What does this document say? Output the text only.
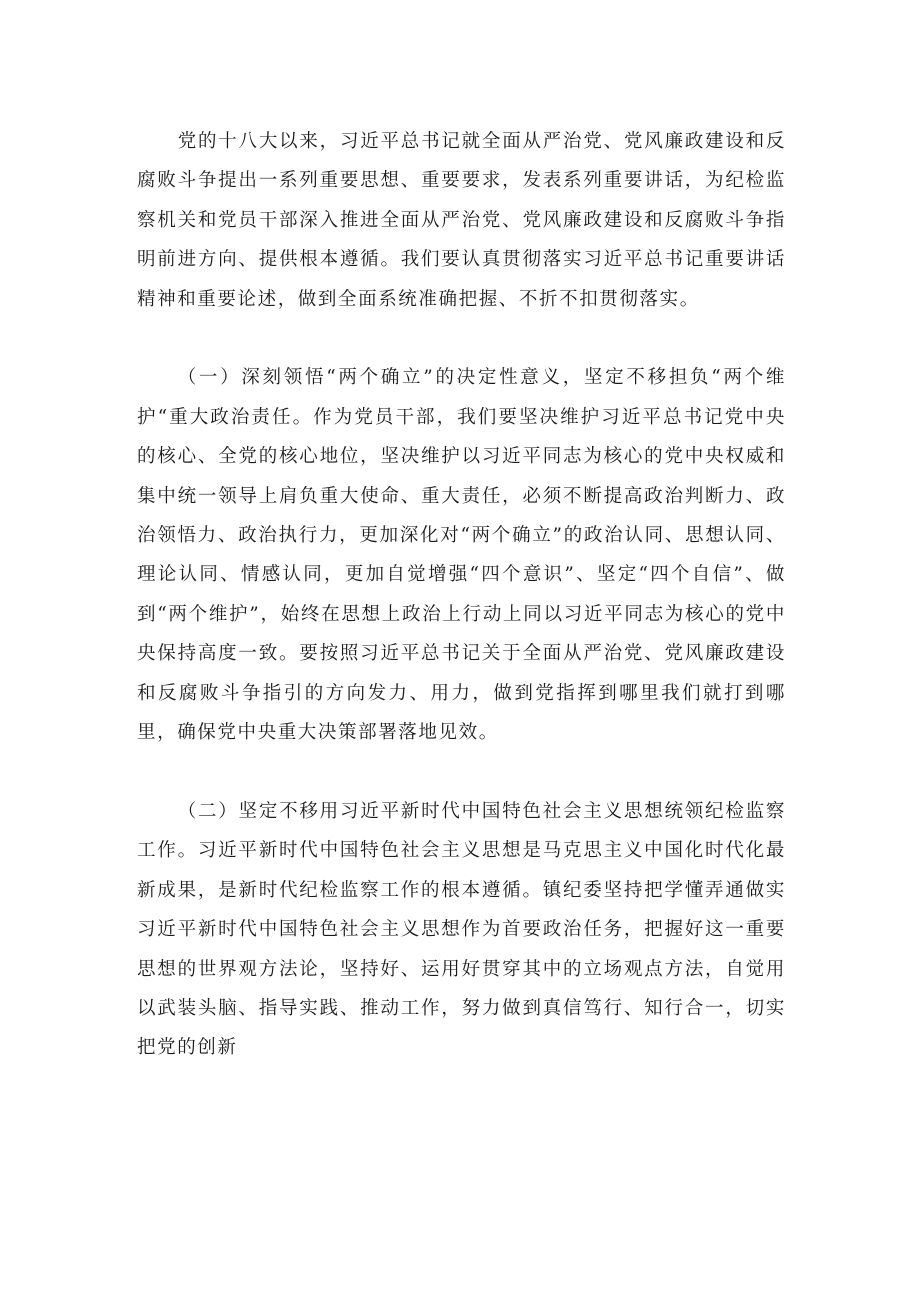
党的十八大以来，习近平总书记就全面从严治党、党风廉政建设和反腐败斗争提出一系列重要思想、重要要求，发表系列重要讲话，为纪检监察机关和党员干部深入推进全面从严治党、党风廉政建设和反腐败斗争指明前进方向、提供根本遵循。我们要认真贯彻落实习近平总书记重要讲话精神和重要论述，做到全面系统准确把握、不折不扣贯彻落实。

（一）深刻领悟“两个确立”的决定性意义，坚定不移担负“两个维护“重大政治责任。作为党员干部，我们要坚决维护习近平总书记党中央的核心、全党的核心地位，坚决维护以习近平同志为核心的党中央权威和集中统一领导上肩负重大使命、重大责任，必须不断提高政治判断力、政治领悟力、政治执行力，更加深化对“两个确立”的政治认同、思想认同、理论认同、情感认同，更加自觉增强“四个意识”、坚定“四个自信”、做到“两个维护”，始终在思想上政治上行动上同以习近平同志为核心的党中央保持高度一致。要按照习近平总书记关于全面从严治党、党风廉政建设和反腐败斗争指引的方向发力、用力，做到党指挥到哪里我们就打到哪里，确保党中央重大决策部署落地见效。

（二）坚定不移用习近平新时代中国特色社会主义思想统领纪检监察工作。习近平新时代中国特色社会主义思想是马克思主义中国化时代化最新成果，是新时代纪检监察工作的根本遵循。镇纪委坚持把学懂弄通做实习近平新时代中国特色社会主义思想作为首要政治任务，把握好这一重要思想的世界观方法论，坚持好、运用好贯穿其中的立场观点方法，自觉用以武装头脑、指导实践、推动工作，努力做到真信笃行、知行合一，切实把党的创新
